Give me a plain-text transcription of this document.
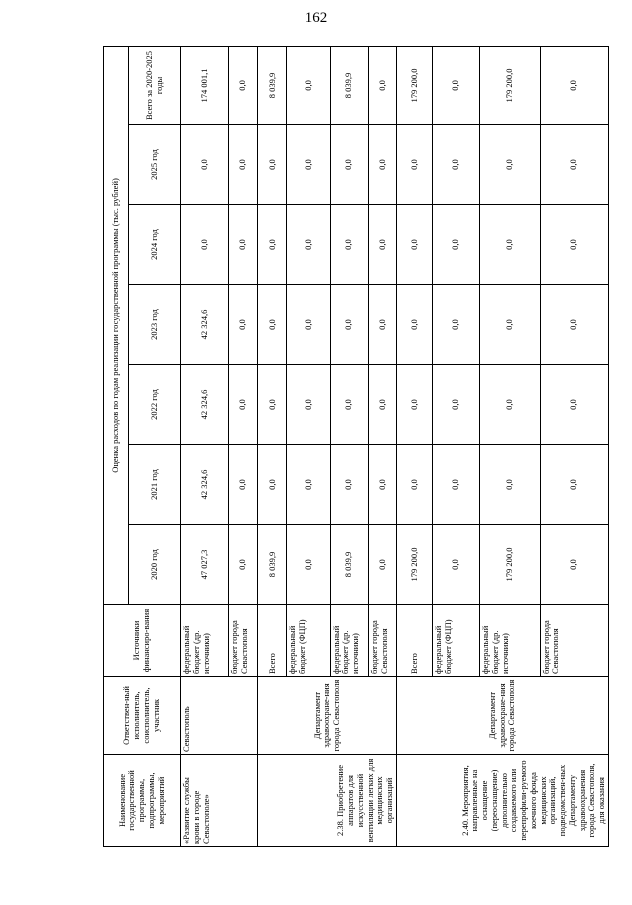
162
Наименование государственной программы, подпрограммы, мероприятий	Ответствен-ный исполнитель, соисполнитель, участник	Источники финансиро-вания	Оценка расходов по годам реализации государственной программы (тыс. рублей)						
			2020 год	2021 год	2022 год	2023 год	2024 год	2025 год	Всего за 2020-2025 годы
«Развитие службы крови в городе Севастополе»	Севастополь	федеральный бюджет (др. источники)	47 027,3	42 324,6	42 324,6	42 324,6	0,0	0,0	174 001,1
		бюджет города Севастополя	0,0	0,0	0,0	0,0	0,0	0,0	0,0
2.38. Приобретение аппаратов для искусственной вентиляции легких для медицинских организаций	Департамент здравоохране-ния города Севастополя	Всего	8 039,9	0,0	0,0	0,0	0,0	0,0	8 039,9
		федеральный бюджет (ФЦП)	0,0	0,0	0,0	0,0	0,0	0,0	0,0
		федеральный бюджет (др. источники)	8 039,9	0,0	0,0	0,0	0,0	0,0	8 039,9
		бюджет города Севастополя	0,0	0,0	0,0	0,0	0,0	0,0	0,0
2.40. Мероприятия, направленные на оснащение (переоснащение) дополнительно создаваемого или перепрофили-руемого коечного фонда медицинских организаций, подведомствен-ных Департаменту здравоохранения города Севастополя, для оказания	Департамент здравоохране-ния города Севастополя	Всего	179 200,0	0,0	0,0	0,0	0,0	0,0	179 200,0
		федеральный бюджет (ФЦП)	0,0	0,0	0,0	0,0	0,0	0,0	0,0
		федеральный бюджет (др. источники)	179 200,0	0,0	0,0	0,0	0,0	0,0	179 200,0
		бюджет города Севастополя	0,0	0,0	0,0	0,0	0,0	0,0	0,0
